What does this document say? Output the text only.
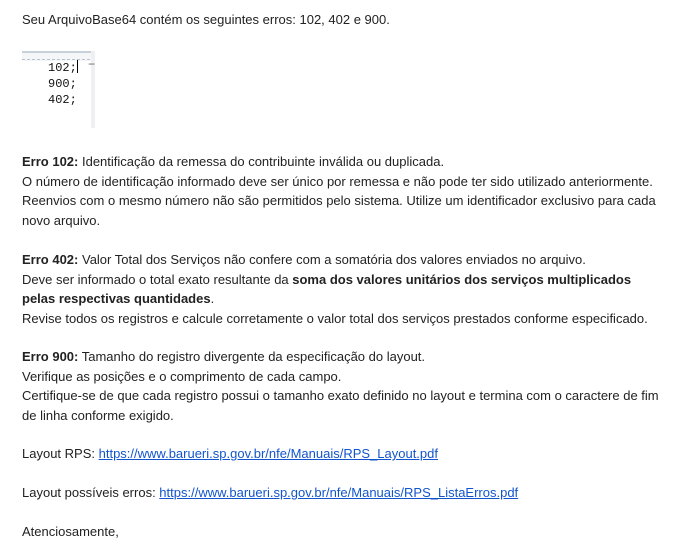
Seu ArquivoBase64 contém os seguintes erros: 102, 402 e 900.
−
102;
900;
402;
Erro 102: Identificação da remessa do contribuinte inválida ou duplicada.
O número de identificação informado deve ser único por remessa e não pode ter sido utilizado anteriormente. Reenvios com o mesmo número não são permitidos pelo sistema. Utilize um identificador exclusivo para cada novo arquivo.
Erro 402: Valor Total dos Serviços não confere com a somatória dos valores enviados no arquivo.
Deve ser informado o total exato resultante da soma dos valores unitários dos serviços multiplicados pelas respectivas quantidades.
Revise todos os registros e calcule corretamente o valor total dos serviços prestados conforme especificado.
Erro 900: Tamanho do registro divergente da especificação do layout.
Verifique as posições e o comprimento de cada campo.
Certifique-se de que cada registro possui o tamanho exato definido no layout e termina com o caractere de fim de linha conforme exigido.
Layout RPS: https://www.barueri.sp.gov.br/nfe/Manuais/RPS_Layout.pdf
Layout possíveis erros: https://www.barueri.sp.gov.br/nfe/Manuais/RPS_ListaErros.pdf
Atenciosamente,
